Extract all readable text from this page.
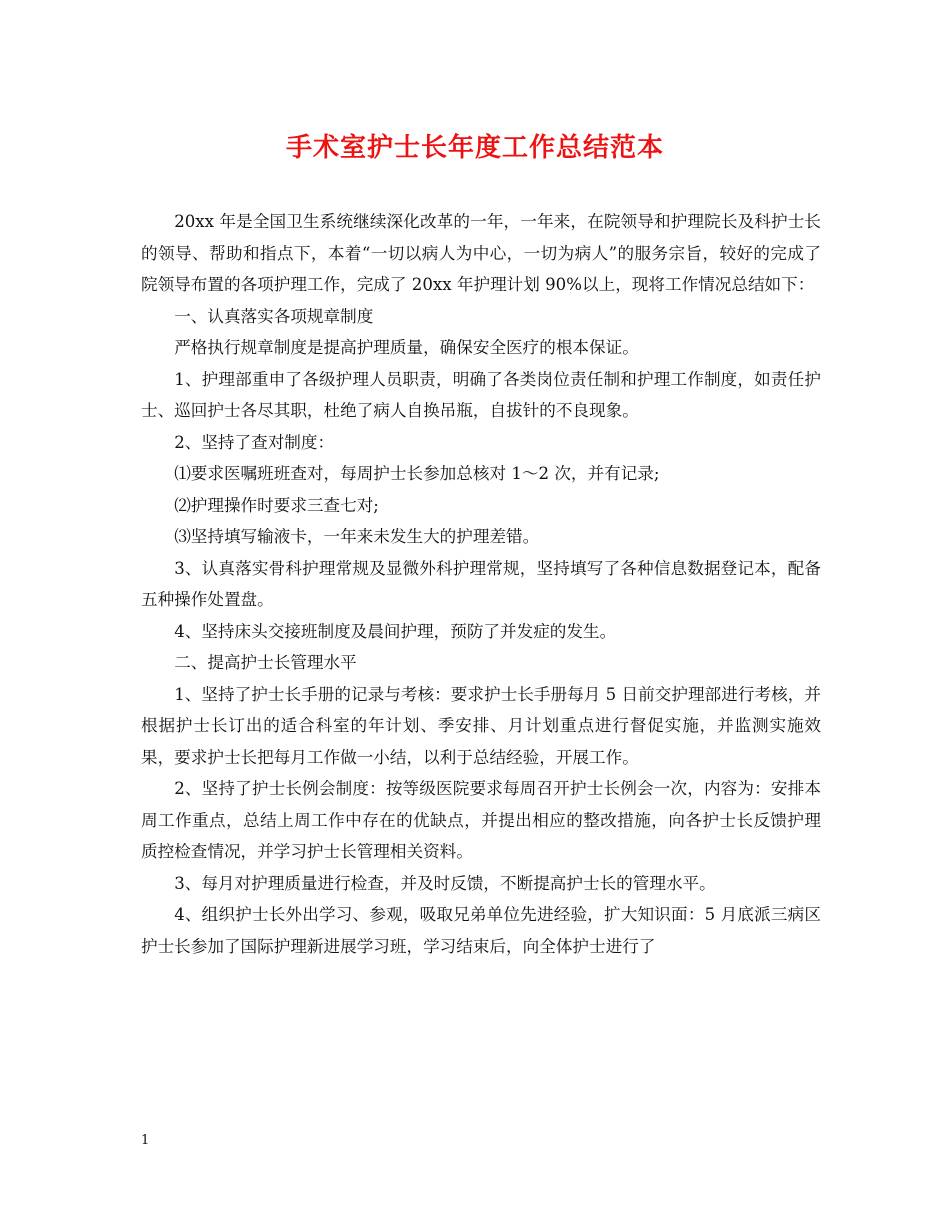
手术室护士长年度工作总结范本

20xx 年是全国卫生系统继续深化改革的一年，一年来，在院领导和护理院长及科护士长的领导、帮助和指点下，本着“一切以病人为中心，一切为病人”的服务宗旨，较好的完成了院领导布置的各项护理工作，完成了 20xx 年护理计划 90%以上，现将工作情况总结如下：

一、认真落实各项规章制度

严格执行规章制度是提高护理质量，确保安全医疗的根本保证。

1、护理部重申了各级护理人员职责，明确了各类岗位责任制和护理工作制度，如责任护士、巡回护士各尽其职，杜绝了病人自换吊瓶，自拔针的不良现象。

2、坚持了查对制度：

⑴要求医嘱班班查对，每周护士长参加总核对 1～2 次，并有记录;

⑵护理操作时要求三查七对;

⑶坚持填写输液卡，一年来未发生大的护理差错。

3、认真落实骨科护理常规及显微外科护理常规，坚持填写了各种信息数据登记本，配备五种操作处置盘。

4、坚持床头交接班制度及晨间护理，预防了并发症的发生。

二、提高护士长管理水平

1、坚持了护士长手册的记录与考核：要求护士长手册每月 5 日前交护理部进行考核，并根据护士长订出的适合科室的年计划、季安排、月计划重点进行督促实施，并监测实施效果，要求护士长把每月工作做一小结，以利于总结经验，开展工作。

2、坚持了护士长例会制度：按等级医院要求每周召开护士长例会一次，内容为：安排本周工作重点，总结上周工作中存在的优缺点，并提出相应的整改措施，向各护士长反馈护理质控检查情况，并学习护士长管理相关资料。

3、每月对护理质量进行检查，并及时反馈，不断提高护士长的管理水平。

4、组织护士长外出学习、参观，吸取兄弟单位先进经验，扩大知识面：5 月底派三病区护士长参加了国际护理新进展学习班，学习结束后，向全体护士进行了

1
